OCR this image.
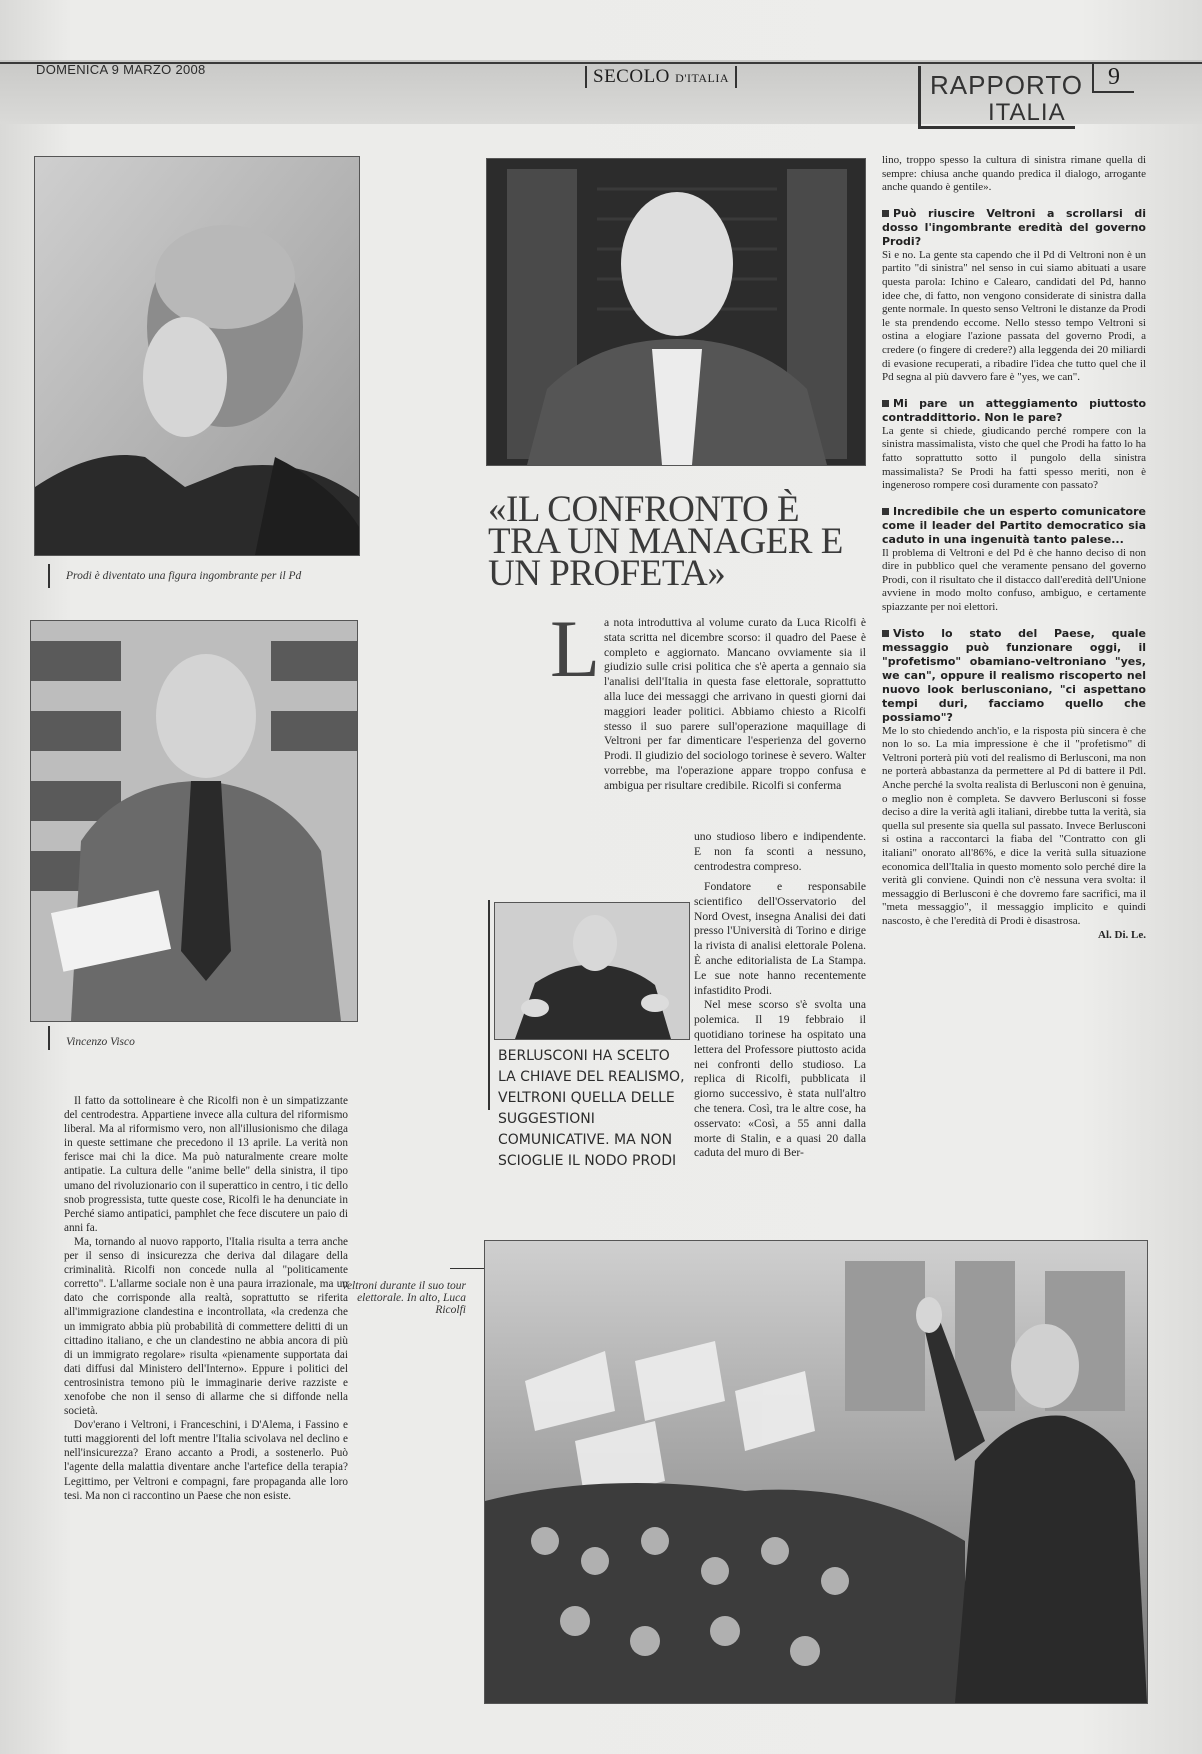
DOMENICA 9 MARZO 2008	SECOLO D'ITALIA	RAPPORTO
ITALIA
9
Prodi è diventato una figura ingombrante per il Pd
Vincenzo Visco
«IL CONFRONTO È TRA UN MANAGER E UN PROFETA»
L a nota introduttiva al volume curato da Luca Ricolfi è stata scritta nel dicembre scorso: il quadro del Paese è completo e aggiornato. Mancano ovviamente sia il giudizio sulle crisi politica che s'è aperta a gennaio sia l'analisi dell'Italia in questa fase elettorale, soprattutto alla luce dei messaggi che arrivano in questi giorni dai maggiori leader politici. Abbiamo chiesto a Ricolfi stesso il suo parere sull'operazione maquillage di Veltroni per far dimenticare l'esperienza del governo Prodi. Il giudizio del sociologo torinese è severo. Walter vorrebbe, ma l'operazione appare troppo confusa e ambigua per risultare credibile. Ricolfi si conferma
uno studioso libero e indipendente. E non fa sconti a nessuno, centrodestra compreso.
BERLUSCONI HA SCELTO LA CHIAVE DEL REALISMO, VELTRONI QUELLA DELLE SUGGESTIONI COMUNICATIVE. MA NON SCIOGLIE IL NODO PRODI

Fondatore e responsabile scientifico dell'Osservatorio del Nord Ovest, insegna Analisi dei dati presso l'Università di Torino e dirige la rivista di analisi elettorale Polena. È anche editorialista de La Stampa. Le sue note hanno recentemente infastidito Prodi.

Nel mese scorso s'è svolta una polemica. Il 19 febbraio il quotidiano torinese ha ospitato una lettera del Professore piuttosto acida nei confronti dello studioso. La replica di Ricolfi, pubblicata il giorno successivo, è stata null'altro che tenera. Così, tra le altre cose, ha osservato: «Così, a 55 anni dalla morte di Stalin, e a quasi 20 dalla caduta del muro di Ber-

Il fatto da sottolineare è che Ricolfi non è un simpatizzante del centrodestra. Appartiene invece alla cultura del riformismo liberal. Ma al riformismo vero, non all'illusionismo che dilaga in queste settimane che precedono il 13 aprile. La verità non ferisce mai chi la dice. Ma può naturalmente creare molte antipatie. La cultura delle "anime belle" della sinistra, il tipo umano del rivoluzionario con il superattico in centro, i tic dello snob progressista, tutte queste cose, Ricolfi le ha denunciate in Perché siamo antipatici, pamphlet che fece discutere un paio di anni fa.

Ma, tornando al nuovo rapporto, l'Italia risulta a terra anche per il senso di insicurezza che deriva dal dilagare della criminalità. Ricolfi non concede nulla al "politicamente corretto". L'allarme sociale non è una paura irrazionale, ma un dato che corrisponde alla realtà, soprattutto se riferita all'immigrazione clandestina e incontrollata, «la credenza che un immigrato abbia più probabilità di commettere delitti di un cittadino italiano, e che un clandestino ne abbia ancora di più di un immigrato regolare» risulta «pienamente supportata dai dati diffusi dal Ministero dell'Interno». Eppure i politici del centrosinistra temono più le immaginarie derive razziste e xenofobe che non il senso di allarme che si diffonde nella società.

Dov'erano i Veltroni, i Franceschini, i D'Alema, i Fassino e tutti maggiorenti del loft mentre l'Italia scivolava nel declino e nell'insicurezza? Erano accanto a Prodi, a sostenerlo. Può l'agente della malattia diventare anche l'artefice della terapia? Legittimo, per Veltroni e compagni, fare propaganda alle loro tesi. Ma non ci raccontino un Paese che non esiste.

lino, troppo spesso la cultura di sinistra rimane quella di sempre: chiusa anche quando predica il dialogo, arrogante anche quando è gentile».

Può riuscire Veltroni a scrollarsi di dosso l'ingombrante eredità del governo Prodi?

Sì e no. La gente sta capendo che il Pd di Veltroni non è un partito "di sinistra" nel senso in cui siamo abituati a usare questa parola: Ichino e Calearo, candidati del Pd, hanno idee che, di fatto, non vengono considerate di sinistra dalla gente normale. In questo senso Veltroni le distanze da Prodi le sta prendendo eccome. Nello stesso tempo Veltroni si ostina a elogiare l'azione passata del governo Prodi, a credere (o fingere di credere?) alla leggenda dei 20 miliardi di evasione recuperati, a ribadire l'idea che tutto quel che il Pd segna al più davvero fare è "yes, we can".

Mi pare un atteggiamento piuttosto contraddittorio. Non le pare?

La gente si chiede, giudicando perché rompere con la sinistra massimalista, visto che quel che Prodi ha fatto lo ha fatto soprattutto sotto il pungolo della sinistra massimalista? Se Prodi ha fatti spesso meriti, non è ingeneroso rompere così duramente con passato?

Incredibile che un esperto comunicatore come il leader del Partito democratico sia caduto in una ingenuità tanto palese...

Il problema di Veltroni e del Pd è che hanno deciso di non dire in pubblico quel che veramente pensano del governo Prodi, con il risultato che il distacco dall'eredità dell'Unione avviene in modo molto confuso, ambiguo, e certamente spiazzante per noi elettori.

Visto lo stato del Paese, quale messaggio può funzionare oggi, il "profetismo" obamiano-veltroniano "yes, we can", oppure il realismo riscoperto nel nuovo look berlusconiano, "ci aspettano tempi duri, facciamo quello che possiamo"?

Me lo sto chiedendo anch'io, e la risposta più sincera è che non lo so. La mia impressione è che il "profetismo" di Veltroni porterà più voti del realismo di Berlusconi, ma non ne porterà abbastanza da permettere al Pd di battere il Pdl. Anche perché la svolta realista di Berlusconi non è genuina, o meglio non è completa. Se davvero Berlusconi si fosse deciso a dire la verità agli italiani, direbbe tutta la verità, sia quella sul presente sia quella sul passato. Invece Berlusconi si ostina a raccontarci la fiaba del "Contratto con gli italiani" onorato all'86%, e dice la verità sulla situazione economica dell'Italia in questo momento solo perché dire la verità gli conviene. Quindi non c'è nessuna vera svolta: il messaggio di Berlusconi è che dovremo fare sacrifici, ma il "meta messaggio", il messaggio implicito e quindi nascosto, è che l'eredità di Prodi è disastrosa.

Al. Di. Le.
Veltroni durante il suo tour elettorale. In alto, Luca Ricolfi
